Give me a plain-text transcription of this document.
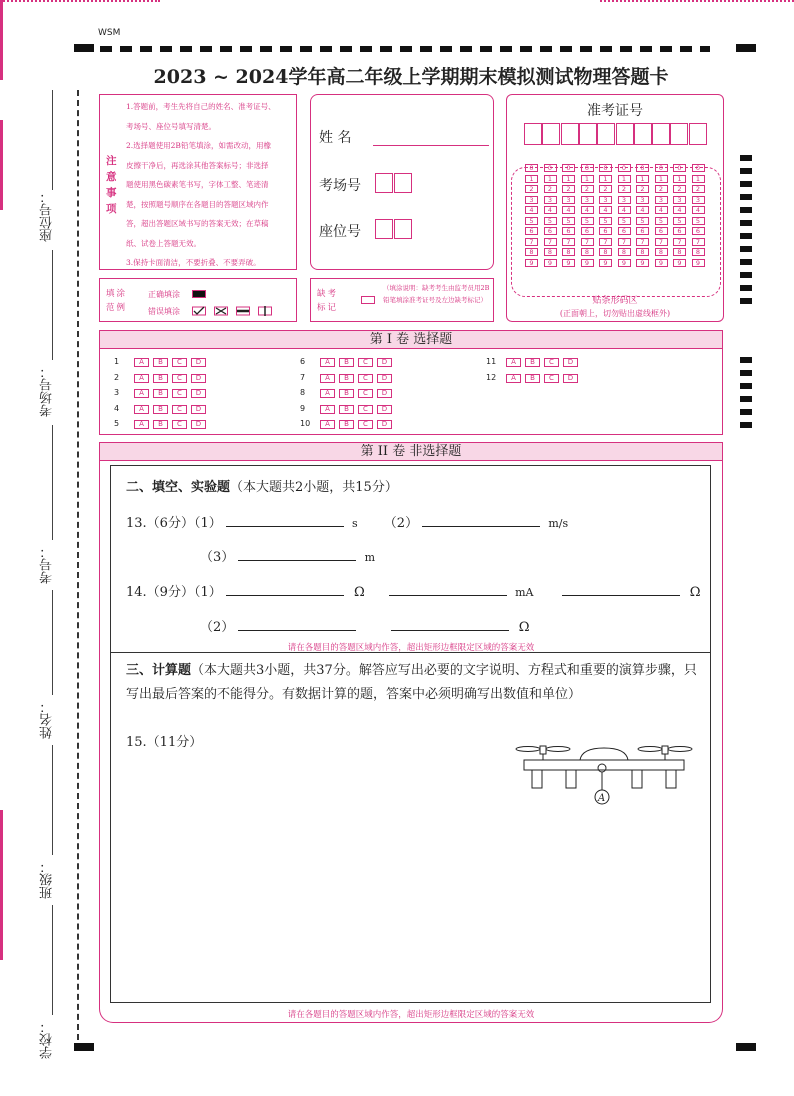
WSM
2023 ~ 2024学年高二年级上学期期末模拟测试物理答题卡
座位号：
考场号：
考号：
姓名：
班级：
学校：
注意事项
1.答题前，考生先将自己的姓名、准考证号、
考场号、座位号填写清楚。
2.选择题使用2B铅笔填涂，如需改动，用橡
皮擦干净后，再选涂其他答案标号；非选择
题使用黑色碳素笔书写，字体工整、笔迹清
楚，按照题号顺序在各题目的答题区域内作
答，超出答题区域书写的答案无效；在草稿
纸、试卷上答题无效。
3.保持卡面清洁，不要折叠、不要弄破。
姓 名
考场号
座位号
准考证号
0 0 0 0 0 0 0 0 0 0
1 1 1 1 1 1 1 1 1 1
2 2 2 2 2 2 2 2 2 2
3 3 3 3 3 3 3 3 3 3
4 4 4 4 4 4 4 4 4 4
5 5 5 5 5 5 5 5 5 5
6 6 6 6 6 6 6 6 6 6
7 7 7 7 7 7 7 7 7 7
8 8 8 8 8 8 8 8 8 8
9 9 9 9 9 9 9 9 9 9
贴条形码区
(正面朝上，切勿贴出虚线框外)
填涂范例
正确填涂
错误填涂
缺考标记
（填涂说明：缺考考生由监考员用2B铅笔填涂准考证号及左边缺考标记）
第 I 卷 选择题
1	A B C D
2	A B C D
3	A B C D
4	A B C D
5	A B C D
6	A B C D
7	A B C D
8	A B C D
9	A B C D
10 A B C D
11 A B C D
12 A B C D
第 II 卷 非选择题
二、填空、实验题（本大题共2小题，共15分）
13.（6分）（1）	s （2）	m/s
（3）	m
14.（9分）（1）	Ω	mA	Ω
（2）	Ω
请在各题目的答题区域内作答，超出矩形边框限定区域的答案无效
三、计算题（本大题共3小题，共37分。解答应写出必要的文字说明、方程式和重要的演算步骤，只写出最后答案的不能得分。有数据计算的题，答案中必须明确写出数值和单位）
15.（11分）
A
请在各题目的答题区域内作答，超出矩形边框限定区域的答案无效
